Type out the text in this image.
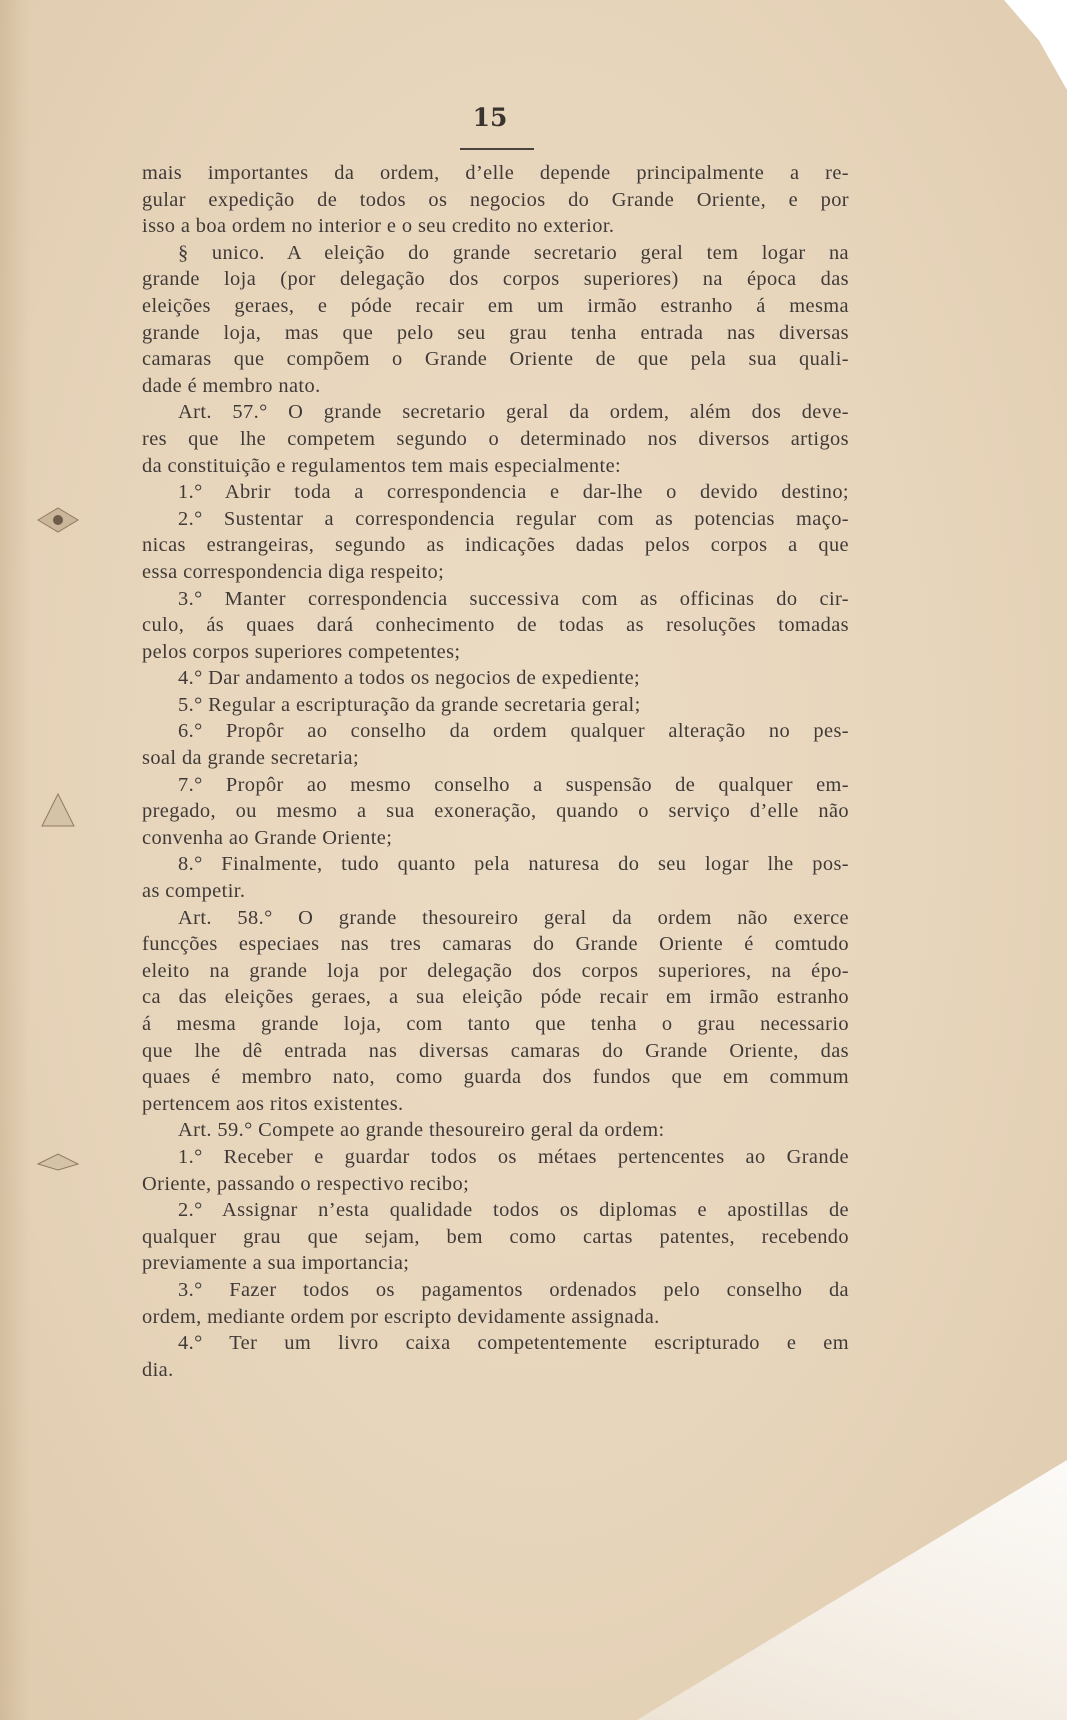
15
mais importantes da ordem, d’elle depende principalmente a re-
gular expedição de todos os negocios do Grande Oriente, e por
isso a boa ordem no interior e o seu credito no exterior.
§ unico. A eleição do grande secretario geral tem logar na
grande loja (por delegação dos corpos superiores) na época das
eleições geraes, e póde recair em um irmão estranho á mesma
grande loja, mas que pelo seu grau tenha entrada nas diversas
camaras que compõem o Grande Oriente de que pela sua quali-
dade é membro nato.
Art. 57.° O grande secretario geral da ordem, além dos deve-
res que lhe competem segundo o determinado nos diversos artigos
da constituição e regulamentos tem mais especialmente:
1.° Abrir toda a correspondencia e dar-lhe o devido destino;
2.° Sustentar a correspondencia regular com as potencias maço-
nicas estrangeiras, segundo as indicações dadas pelos corpos a que
essa correspondencia diga respeito;
3.° Manter correspondencia successiva com as officinas do cir-
culo, ás quaes dará conhecimento de todas as resoluções tomadas
pelos corpos superiores competentes;
4.° Dar andamento a todos os negocios de expediente;
5.° Regular a escripturação da grande secretaria geral;
6.° Propôr ao conselho da ordem qualquer alteração no pes-
soal da grande secretaria;
7.° Propôr ao mesmo conselho a suspensão de qualquer em-
pregado, ou mesmo a sua exoneração, quando o serviço d’elle não
convenha ao Grande Oriente;
8.° Finalmente, tudo quanto pela naturesa do seu logar lhe pos-
as competir.
Art. 58.° O grande thesoureiro geral da ordem não exerce
funcções especiaes nas tres camaras do Grande Oriente é comtudo
eleito na grande loja por delegação dos corpos superiores, na épo-
ca das eleições geraes, a sua eleição póde recair em irmão estranho
á mesma grande loja, com tanto que tenha o grau necessario
que lhe dê entrada nas diversas camaras do Grande Oriente, das
quaes é membro nato, como guarda dos fundos que em commum
pertencem aos ritos existentes.
Art. 59.° Compete ao grande thesoureiro geral da ordem:
1.° Receber e guardar todos os métaes pertencentes ao Grande
Oriente, passando o respectivo recibo;
2.° Assignar n’esta qualidade todos os diplomas e apostillas de
qualquer grau que sejam, bem como cartas patentes, recebendo
previamente a sua importancia;
3.° Fazer todos os pagamentos ordenados pelo conselho da
ordem, mediante ordem por escripto devidamente assignada.
4.° Ter um livro caixa competentemente escripturado e em
dia.
